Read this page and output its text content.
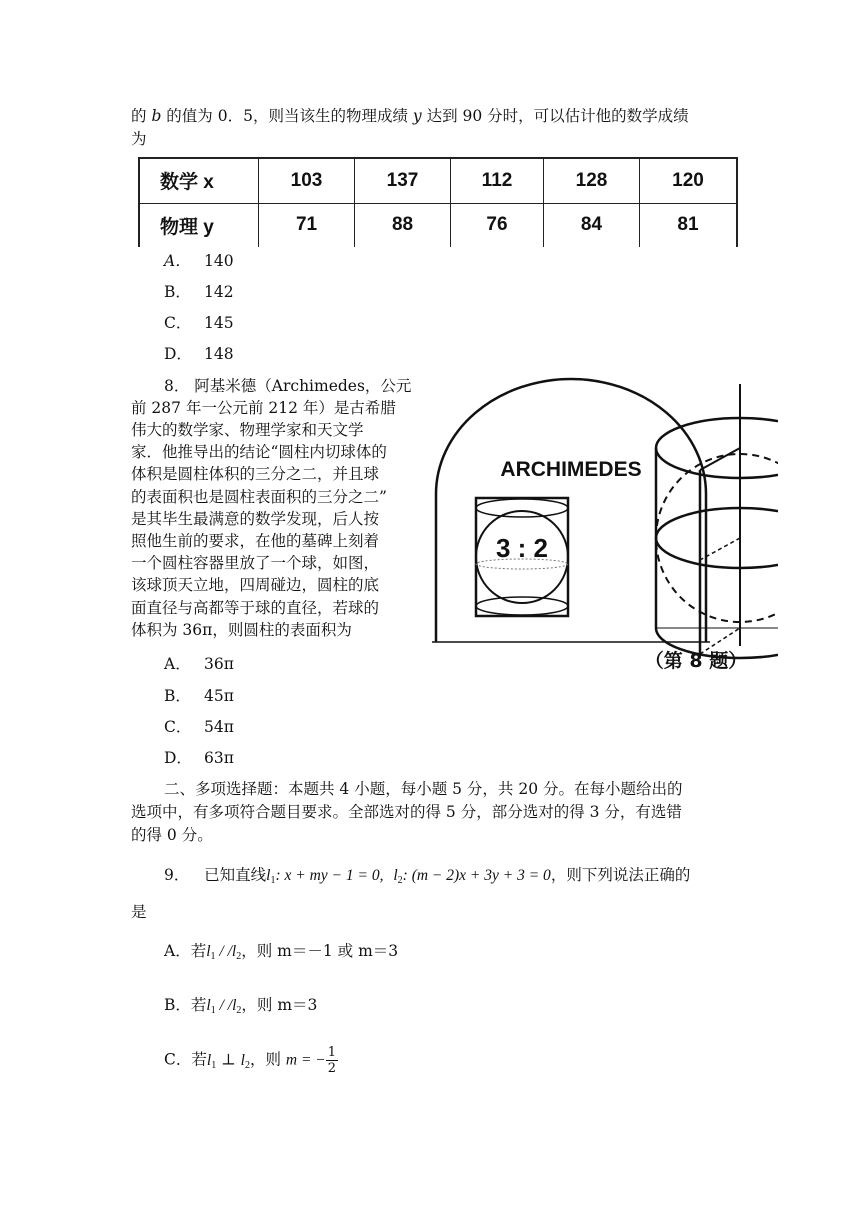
的 b 的值为 0．5，则当该生的物理成绩 y 达到 90 分时，可以估计他的数学成绩
为
数学 x	103	137	112	128	120
物理 y	71	88	76	84	81
A． 140
B． 142
C． 145
D． 148
8． 阿基米德（Archimedes，公元
前 287 年一公元前 212 年）是古希腊
伟大的数学家、物理学家和天文学
家．他推导出的结论“圆柱内切球体的
体积是圆柱体积的三分之二，并且球
的表面积也是圆柱表面积的三分之二”
是其毕生最满意的数学发现，后人按
照他生前的要求，在他的墓碑上刻着
一个圆柱容器里放了一个球，如图，
该球顶天立地，四周碰边，圆柱的底
面直径与高都等于球的直径，若球的
体积为 36π，则圆柱的表面积为
ARCHIMEDES
3 : 2
（第 8 题）
A． 36π
B． 45π
C． 54π
D． 63π
二、多项选择题：本题共 4 小题，每小题 5 分，共 20 分。在每小题给出的
选项中，有多项符合题目要求。全部选对的得 5 分，部分选对的得 3 分，有选错
的得 0 分。
9． 已知直线$l_1$: x + my − 1 = 0, $l_2$: (m − 2)x + 3y + 3 = 0，则下列说法正确的
是
A．若$l_1 / /l_2$，则 m＝－1 或 m＝3
B．若$l_1 / /l_2$，则 m＝3
C．若$l_1$ ⊥ $l_2$，则 m = − $\frac{1}{2}$
